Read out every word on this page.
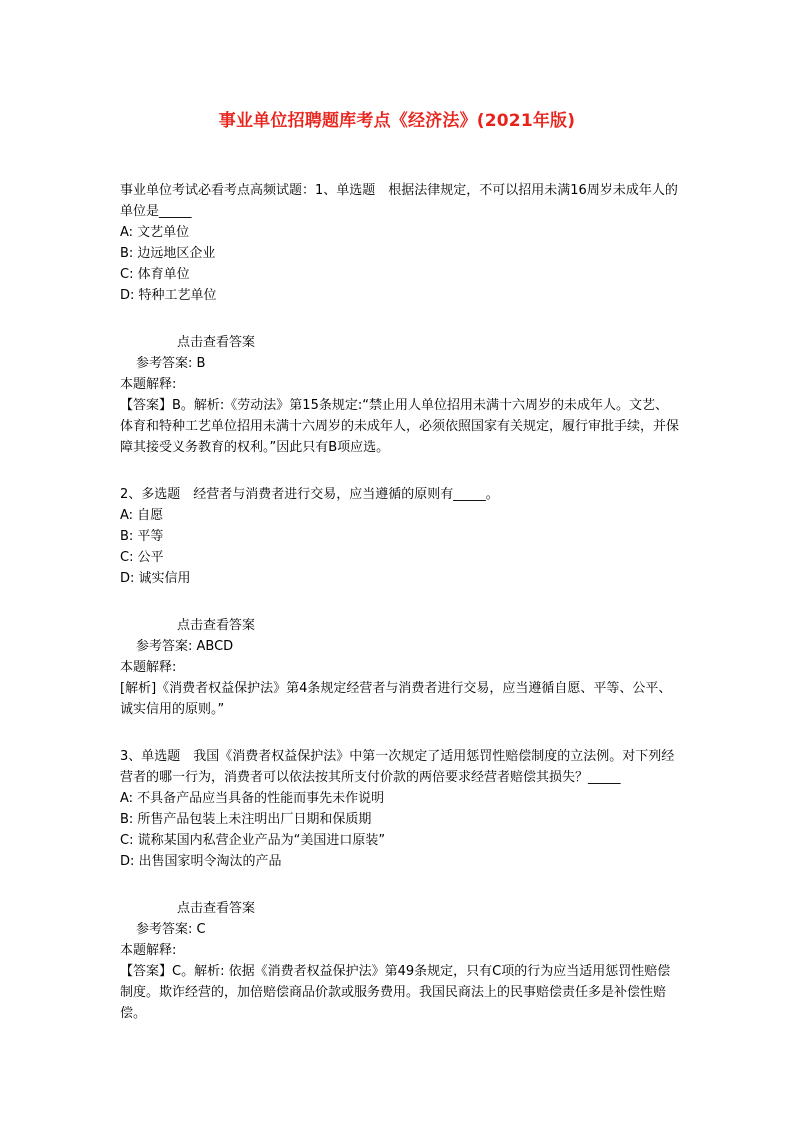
事业单位招聘题库考点《经济法》(2021年版)

事业单位考试必看考点高频试题：1、单选题　根据法律规定，不可以招用未满16周岁未成年人的单位是_____

A: 文艺单位

B: 边远地区企业

C: 体育单位

D: 特种工艺单位

点击查看答案

参考答案: B

本题解释:

【答案】B。解析:《劳动法》第15条规定:“禁止用人单位招用未满十六周岁的未成年人。文艺、体育和特种工艺单位招用未满十六周岁的未成年人，必须依照国家有关规定，履行审批手续，并保障其接受义务教育的权利。”因此只有B项应选。

2、多选题　经营者与消费者进行交易，应当遵循的原则有_____。

A: 自愿

B: 平等

C: 公平

D: 诚实信用

点击查看答案

参考答案: ABCD

本题解释:

[解析]《消费者权益保护法》第4条规定经营者与消费者进行交易，应当遵循自愿、平等、公平、诚实信用的原则。”

3、单选题　我国《消费者权益保护法》中第一次规定了适用惩罚性赔偿制度的立法例。对下列经营者的哪一行为，消费者可以依法按其所支付价款的两倍要求经营者赔偿其损失？_____

A: 不具备产品应当具备的性能而事先未作说明

B: 所售产品包装上未注明出厂日期和保质期

C: 谎称某国内私营企业产品为“美国进口原装”

D: 出售国家明令淘汰的产品

点击查看答案

参考答案: C

本题解释:

【答案】C。解析: 依据《消费者权益保护法》第49条规定，只有C项的行为应当适用惩罚性赔偿制度。欺诈经营的，加倍赔偿商品价款或服务费用。我国民商法上的民事赔偿责任多是补偿性赔偿。
